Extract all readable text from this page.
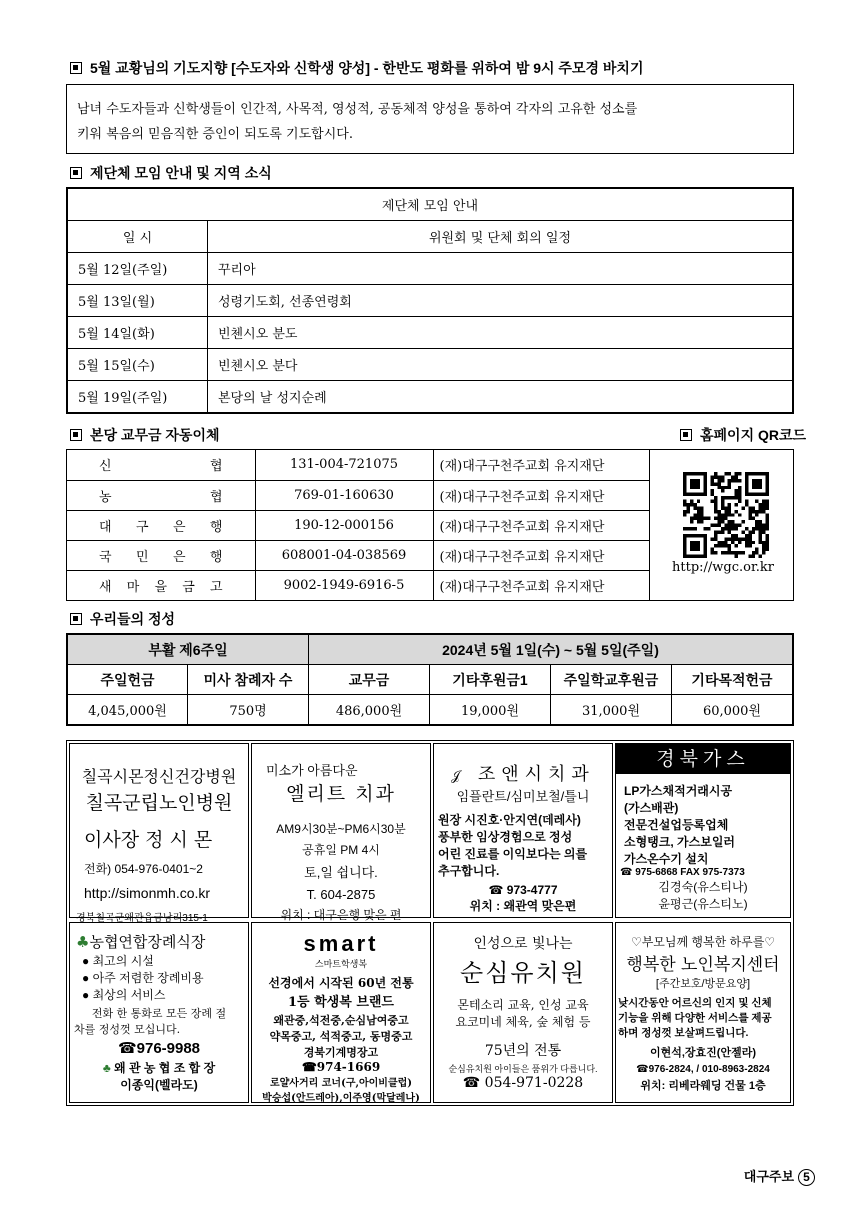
5월 교황님의 기도지향 [수도자와 신학생 양성] - 한반도 평화를 위하여 밤 9시 주모경 바치기
남녀 수도자들과 신학생들이 인간적, 사목적, 영성적, 공동체적 양성을 통하여 각자의 고유한 성소를
키워 복음의 믿음직한 증인이 되도록 기도합시다.
제단체 모임 안내 및 지역 소식
제단체 모임 안내	
일 시	위원회 및 단체 회의 일정
5월 12일(주일)	꾸리아
5월 13일(월)	성령기도회, 선종연령회
5월 14일(화)	빈첸시오 분도
5월 15일(수)	빈첸시오 분다
5월 19일(주일)	본당의 날 성지순례
본당 교무금 자동이체	홈페이지 QR코드
신 협	131-004-721075	(재)대구구천주교회 유지재단

농 협	769-01-160630	(재)대구구천주교회 유지재단

대 구 은 행	190-12-000156	(재)대구구천주교회 유지재단

국 민 은 행	608001-04-038569	(재)대구구천주교회 유지재단

새 마 을 금 고	9002-1949-6916-5	(재)대구구천주교회 유지재단
http://wgc.or.kr
우리들의 정성
부활 제6주일		2024년 5월 1일(수) ~ 5월 5일(주일)			
주일헌금	미사 참례자 수	교무금	기타후원금1	주일학교후원금	기타목적헌금
4,045,000원	750명	486,000원	19,000원	31,000원	60,000원
칠곡시몬정신건강병원
칠곡군립노인병원
이사장 정 시 몬
전화) 054-976-0401~2
http://simonmh.co.kr
경북칠곡군왜관읍금남리315-1
미소가 아름다운
엘리트 치과
AM9시30분~PM6시30분
공휴일 PM 4시
토,일 쉽니다.
T. 604-2875
위치 : 대구은행 맞은 편
𝒥 조앤시치과
임플란트/심미보철/틀니
원장 시진호·안지연(데레사)
풍부한 임상경험으로 정성
어린 진료를 이익보다는 의를
추구합니다.
☎ 973-4777
위치 : 왜관역 맞은편
경북가스
LP가스채적거래시공
(가스배관)
전문건설업등록업체
소형탱크, 가스보일러
가스온수기 설치
☎ 975-6868 FAX 975-7373
김경숙(유스티나)
윤평근(유스티노)
♣농협연합장례식장
● 최고의 시설
● 아주 저렴한 장례비용
● 최상의 서비스
전화 한 통화로 모든 장례 절
차를 정성껏 모십니다.
☎976-9988
♣ 왜 관 농 협 조 합 장
이종익(벨라도)
smart
스마트학생복
선경에서 시작된 60년 전통
1등 학생복 브랜드
왜관중,석전중,순심남여중고
약목중고, 석적중고, 동명중고
경북기계명장고
☎974-1669
로얄사거리 코너(구,아이비클럽)
박승섭(안드레아),이주영(막달레나)
인성으로 빛나는
순심유치원
몬테소리 교육, 인성 교육
요코미네 체육, 숲 체험 등
75년의 전통
순심유치원 아이들은 품위가 다릅니다.
☎ 054-971-0228
♡부모님께 행복한 하루를♡
행복한 노인복지센터
[주간보호/방문요양]
낮시간동안 어르신의 인지 및 신체
기능을 위해 다양한 서비스를 제공
하며 정성껏 보살펴드립니다.
이현석,장효진(안젤라)
☎976-2824, / 010-8963-2824
위치: 리베라웨딩 건물 1층
대구주보 5
